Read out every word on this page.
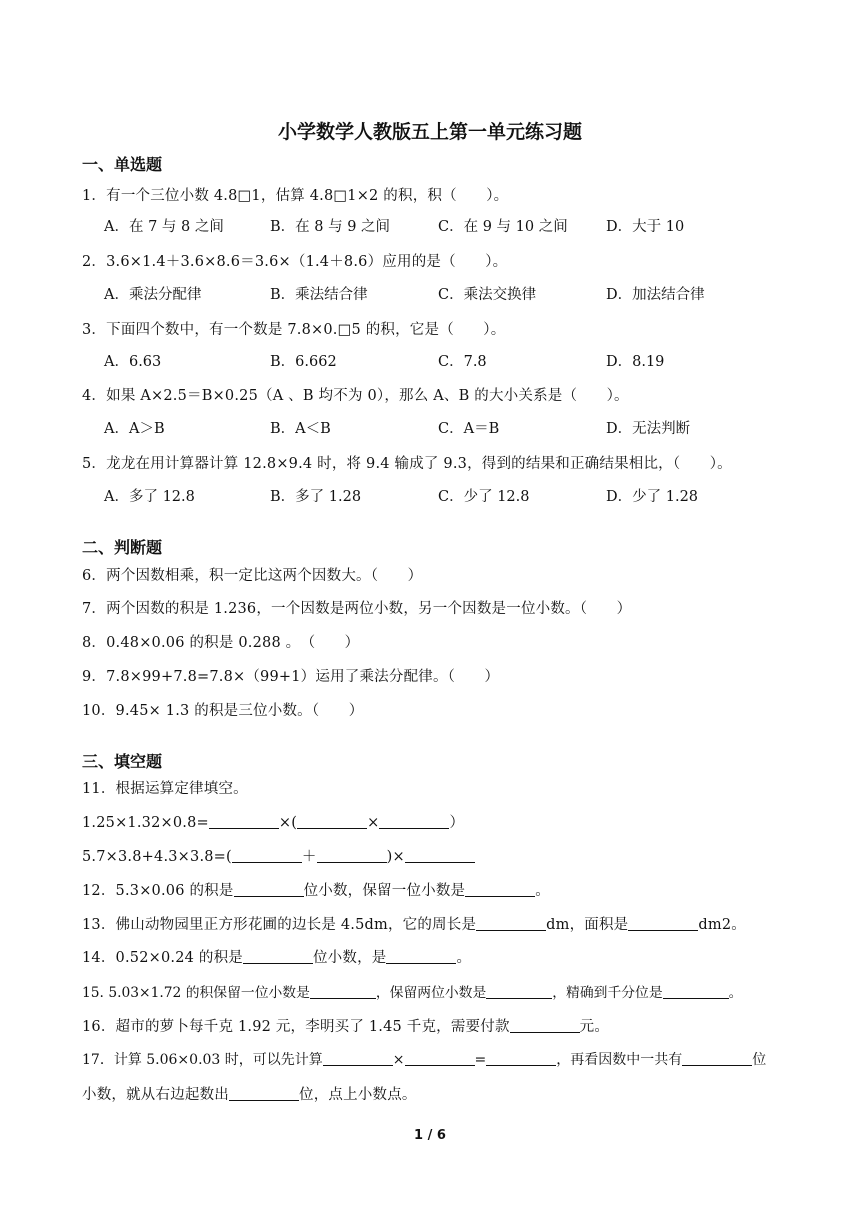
小学数学人教版五上第一单元练习题
一、单选题
1．有一个三位小数 4.8□1，估算 4.8□1×2 的积，积（　　）。
A．在 7 与 8 之间	B．在 8 与 9 之间	C．在 9 与 10 之间	D．大于 10
2．3.6×1.4＋3.6×8.6＝3.6×（1.4＋8.6）应用的是（　　）。
A．乘法分配律	B．乘法结合律	C．乘法交换律	D．加法结合律
3．下面四个数中，有一个数是 7.8×0.□5 的积，它是（　　）。
A．6.63	B．6.662	C．7.8	D．8.19
4．如果 A×2.5＝B×0.25（A 、B 均不为 0），那么 A、B 的大小关系是（　　）。
A．A＞B	B．A＜B	C．A＝B	D．无法判断
5．龙龙在用计算器计算 12.8×9.4 时，将 9.4 输成了 9.3，得到的结果和正确结果相比，（　　）。
A．多了 12.8	B．多了 1.28	C．少了 12.8	D．少了 1.28
二、判断题
6．两个因数相乘，积一定比这两个因数大。（　　）
7．两个因数的积是 1.236，一个因数是两位小数，另一个因数是一位小数。（　　）
8．0.48×0.06 的积是 0.288 。　（　　）
9．7.8×99+7.8=7.8×（99+1）运用了乘法分配律。（　　）
10．9.45× 1.3 的积是三位小数。（　　）
三、填空题
11．根据运算定律填空。
1.25×1.32×0.8=	×(	×	）
5.7×3.8+4.3×3.8=(	＋	)×
12．5.3×0.06 的积是	位小数，保留一位小数是	。
13．佛山动物园里正方形花圃的边长是 4.5dm，它的周长是	dm，面积是	dm2。
14．0.52×0.24 的积是	位小数，是	。
15. 5.03×1.72 的积保留一位小数是	，保留两位小数是	，精确到千分位是	。
16．超市的萝卜每千克 1.92 元，李明买了 1.45 千克，需要付款	元。
17．计算 5.06×0.03 时，可以先计算	×	=	，再看因数中一共有	位
小数，就从右边起数出	位，点上小数点。
1 / 6
